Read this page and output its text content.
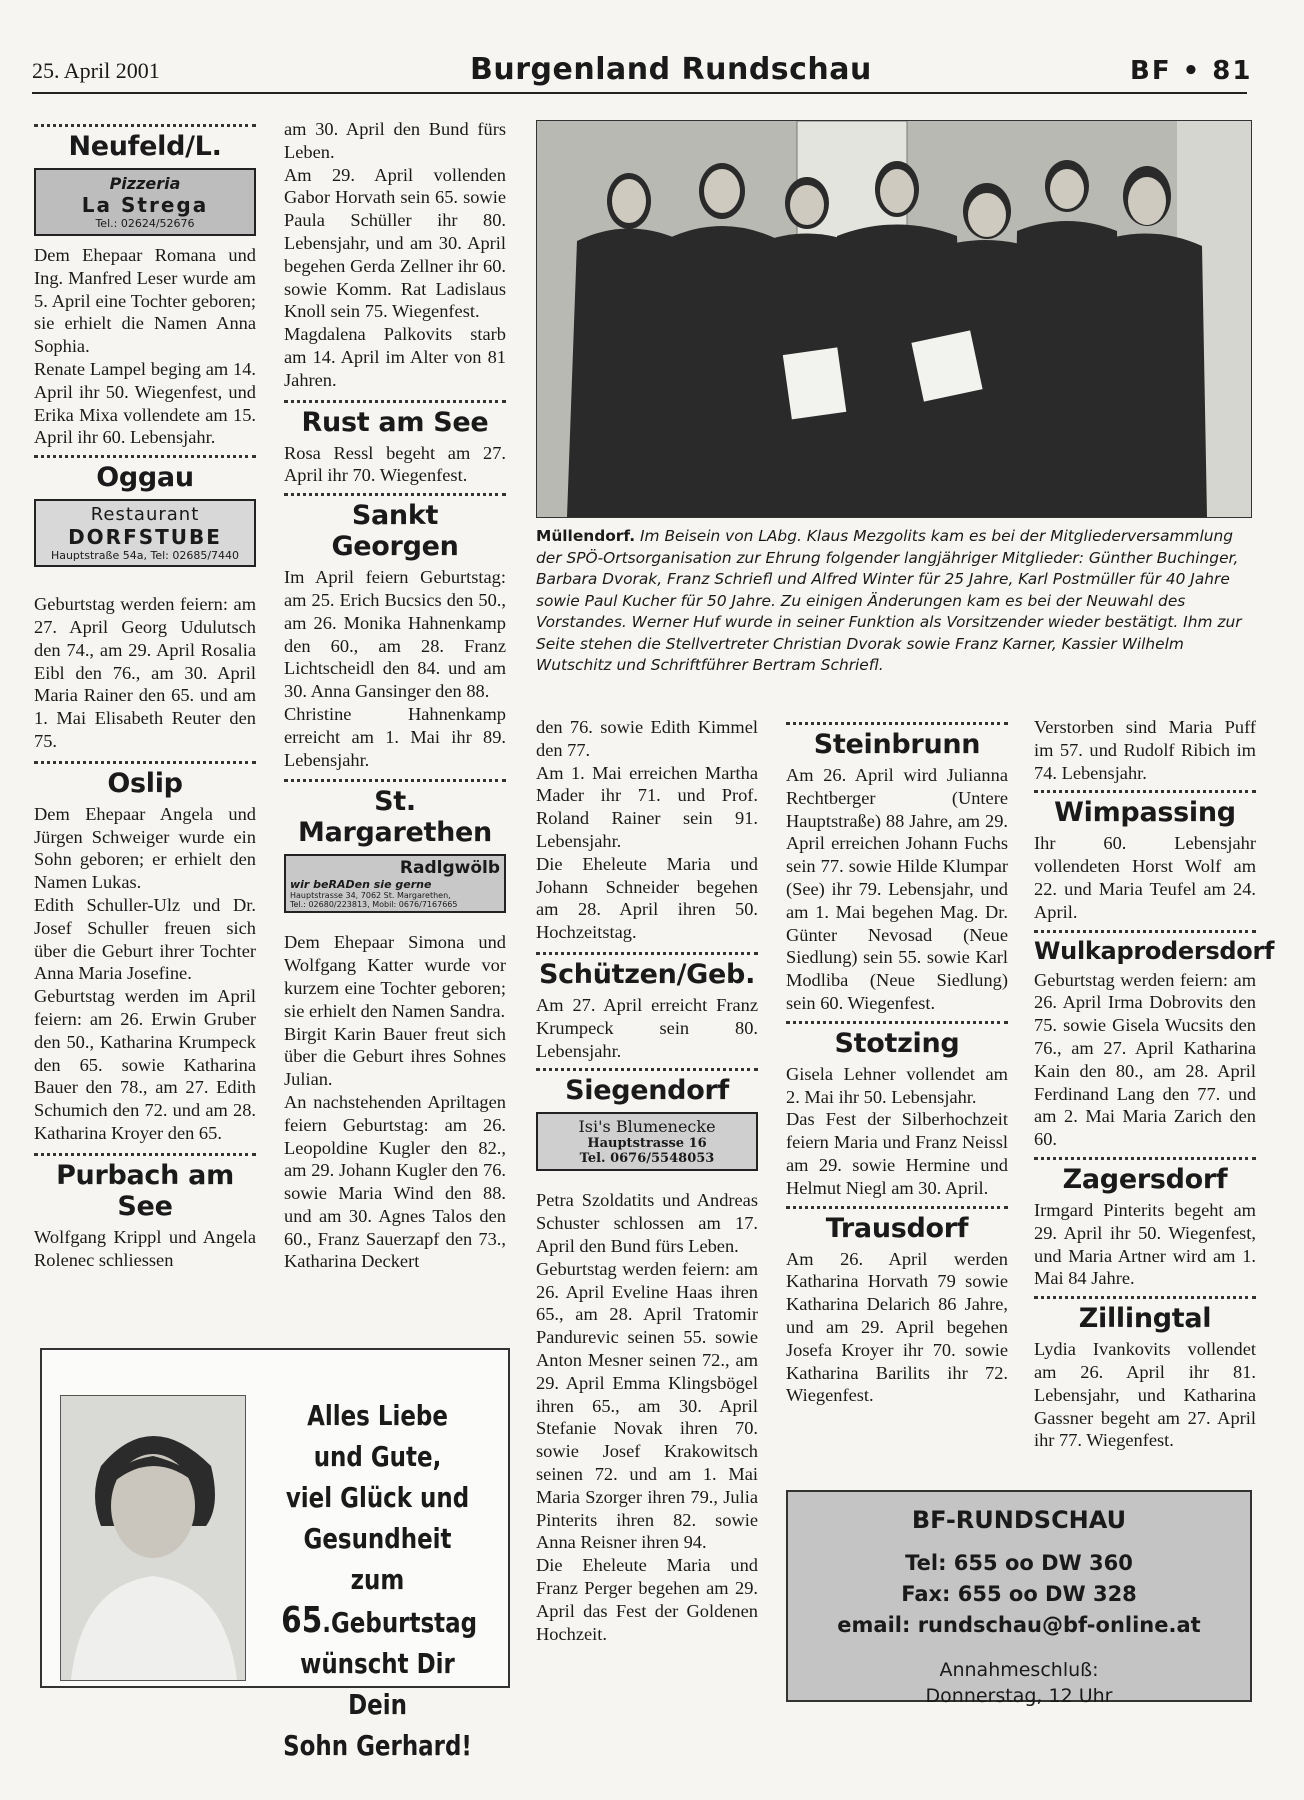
25. April 2001	Burgenland Rundschau	BF • 81
Neufeld/L.
Pizzeria
La Strega
Tel.: 02624/52676

Dem Ehepaar Romana und Ing. Manfred Leser wurde am 5. April eine Tochter geboren; sie erhielt die Namen Anna Sophia.

Renate Lampel beging am 14. April ihr 50. Wiegenfest, und Erika Mixa vollendete am 15. April ihr 60. Lebensjahr.

Oggau
Restaurant
DORFSTUBE
Hauptstraße 54a, Tel: 02685/7440

Geburtstag werden feiern: am 27. April Georg Udulutsch den 74., am 29. April Rosalia Eibl den 76., am 30. April Maria Rainer den 65. und am 1. Mai Elisabeth Reuter den 75.

Oslip

Dem Ehepaar Angela und Jürgen Schweiger wurde ein Sohn geboren; er erhielt den Namen Lukas.

Edith Schuller-Ulz und Dr. Josef Schuller freuen sich über die Geburt ihrer Tochter Anna Maria Josefine.

Geburtstag werden im April feiern: am 26. Erwin Gruber den 50., Katharina Krumpeck den 65. sowie Katharina Bauer den 78., am 27. Edith Schumich den 72. und am 28. Katharina Kroyer den 65.

Purbach am See

Wolfgang Krippl und Angela Rolenec schliessen

am 30. April den Bund fürs Leben.

Am 29. April vollenden Gabor Horvath sein 65. sowie Paula Schüller ihr 80. Lebensjahr, und am 30. April begehen Gerda Zellner ihr 60. sowie Komm. Rat Ladislaus Knoll sein 75. Wiegenfest.

Magdalena Palkovits starb am 14. April im Alter von 81 Jahren.

Rust am See

Rosa Ressl begeht am 27. April ihr 70. Wiegenfest.

Sankt Georgen

Im April feiern Geburtstag: am 25. Erich Bucsics den 50., am 26. Monika Hahnenkamp den 60., am 28. Franz Lichtscheidl den 84. und am 30. Anna Gansinger den 88.

Christine Hahnenkamp erreicht am 1. Mai ihr 89. Lebensjahr.

St. Margarethen
Radlgwölb
wir beRADen sie gerne
Hauptstrasse 34, 7062 St. Margarethen,
Tel.: 02680/223813, Mobil: 0676/7167665

Dem Ehepaar Simona und Wolfgang Katter wurde vor kurzem eine Tochter geboren; sie erhielt den Namen Sandra.

Birgit Karin Bauer freut sich über die Geburt ihres Sohnes Julian.

An nachstehenden Apriltagen feiern Geburtstag: am 26. Leopoldine Kugler den 82., am 29. Johann Kugler den 76. sowie Maria Wind den 88. und am 30. Agnes Talos den 60., Franz Sauerzapf den 73., Katharina Deckert

Müllendorf. Im Beisein von LAbg. Klaus Mezgolits kam es bei der Mitgliederversammlung der SPÖ-Ortsorganisation zur Ehrung folgender langjähriger Mitglieder: Günther Buchinger, Barbara Dvorak, Franz Schriefl und Alfred Winter für 25 Jahre, Karl Postmüller für 40 Jahre sowie Paul Kucher für 50 Jahre. Zu einigen Änderungen kam es bei der Neuwahl des Vorstandes. Werner Huf wurde in seiner Funktion als Vorsitzender wieder bestätigt. Ihm zur Seite stehen die Stellvertreter Christian Dvorak sowie Franz Karner, Kassier Wilhelm Wutschitz und Schriftführer Bertram Schriefl.

den 76. sowie Edith Kimmel den 77.

Am 1. Mai erreichen Martha Mader ihr 71. und Prof. Roland Rainer sein 91. Lebensjahr.

Die Eheleute Maria und Johann Schneider begehen am 28. April ihren 50. Hochzeitstag.

Schützen/Geb.

Am 27. April erreicht Franz Krumpeck sein 80. Lebensjahr.

Siegendorf
Isi's Blumenecke
Hauptstrasse 16
Tel. 0676/5548053

Petra Szoldatits und Andreas Schuster schlossen am 17. April den Bund fürs Leben.

Geburtstag werden feiern: am 26. April Eveline Haas ihren 65., am 28. April Tratomir Pandurevic seinen 55. sowie Anton Mesner seinen 72., am 29. April Emma Klingsbögel ihren 65., am 30. April Stefanie Novak ihren 70. sowie Josef Krakowitsch seinen 72. und am 1. Mai Maria Szorger ihren 79., Julia Pinterits ihren 82. sowie Anna Reisner ihren 94.

Die Eheleute Maria und Franz Perger begehen am 29. April das Fest der Goldenen Hochzeit.

Steinbrunn

Am 26. April wird Julianna Rechtberger (Untere Hauptstraße) 88 Jahre, am 29. April erreichen Johann Fuchs sein 77. sowie Hilde Klumpar (See) ihr 79. Lebensjahr, und am 1. Mai begehen Mag. Dr. Günter Nevosad (Neue Siedlung) sein 55. sowie Karl Modliba (Neue Siedlung) sein 60. Wiegenfest.

Stotzing

Gisela Lehner vollendet am 2. Mai ihr 50. Lebensjahr.

Das Fest der Silberhochzeit feiern Maria und Franz Neissl am 29. sowie Hermine und Helmut Niegl am 30. April.

Trausdorf

Am 26. April werden Katharina Horvath 79 sowie Katharina Delarich 86 Jahre, und am 29. April begehen Josefa Kroyer ihr 70. sowie Katharina Barilits ihr 72. Wiegenfest.

Verstorben sind Maria Puff im 57. und Rudolf Ribich im 74. Lebensjahr.

Wimpassing

Ihr 60. Lebensjahr vollendeten Horst Wolf am 22. und Maria Teufel am 24. April.

Wulkaprodersdorf

Geburtstag werden feiern: am 26. April Irma Dobrovits den 75. sowie Gisela Wucsits den 76., am 27. April Katharina Kain den 80., am 28. April Ferdinand Lang den 77. und am 2. Mai Maria Zarich den 60.

Zagersdorf

Irmgard Pinterits begeht am 29. April ihr 50. Wiegenfest, und Maria Artner wird am 1. Mai 84 Jahre.

Zillingtal

Lydia Ivankovits vollendet am 26. April ihr 81. Lebensjahr, und Katharina Gassner begeht am 27. April ihr 77. Wiegenfest.

Alles Liebe
und Gute,
viel Glück und
Gesundheit zum
65.Geburtstag
wünscht Dir Dein
Sohn Gerhard!
BF-RUNDSCHAU
Tel: 655 oo DW 360
Fax: 655 oo DW 328
email: rundschau@bf-online.at
Annahmeschluß:
Donnerstag, 12 Uhr
